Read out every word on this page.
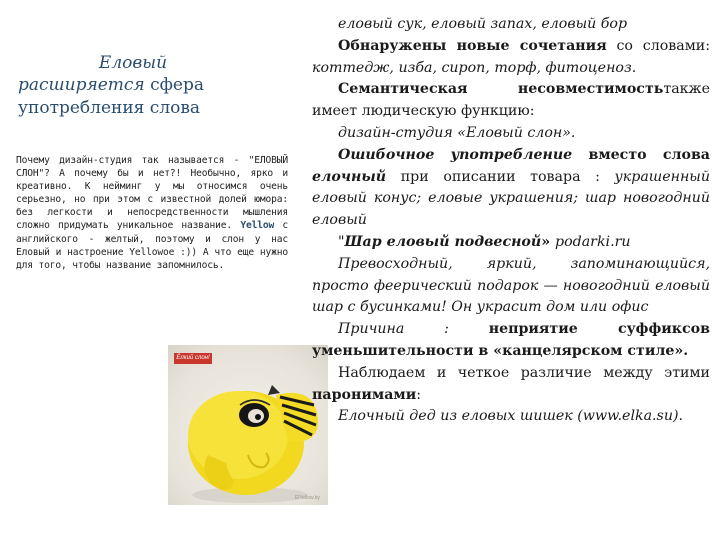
Еловый
расширяется сфера употребления слова
Почему дизайн-студия так называется - "ЕЛОВЫЙ СЛОН"? А почему бы и нет?! Необычно, ярко и креативно. К нейминг у мы относимся очень серьезно, но при этом с известной долей юмора: без легкости и непосредственности мышления сложно придумать уникальное название. Yellow с английского - желтый, поэтому и слон у нас Еловый и настроение Yellowое :)) А что еще нужно для того, чтобы название запомнилось.
Ёлкий слон!
ElYellow.by

еловый сук, еловый запах, еловый бор

Обнаружены новые сочетания со словами: коттедж, изба, сироп, торф, фитоценоз.

Семантическая несовместимостьтакже имеет людическую функцию:

дизайн-студия «Еловый слон».

Ошибочное употребление вместо слова елочный при описании товара : украшенный еловый конус; еловые украшения; шар новогодний еловый

"Шар еловый подвесной» podarki.ru

Превосходный, яркий, запоминающийся, просто феерический подарок — новогодний еловый шар с бусинками! Он украсит дом или офис

Причина : неприятие суффиксов уменьшительности в «канцелярском стиле».

Наблюдаем и четкое различие между этими паронимами:

Елочный дед из еловых шишек (www.elka.su).
